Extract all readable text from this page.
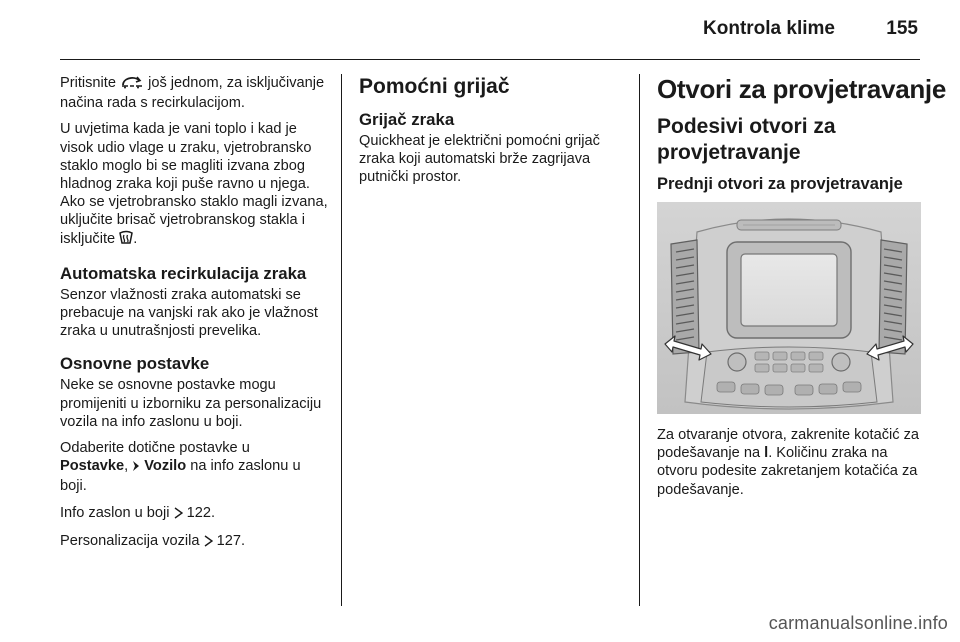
Kontrola klime	155

Pritisnite još jednom, za isključivanje načina rada s recirkulacijom.

U uvjetima kada je vani toplo i kad je visok udio vlage u zraku, vjetrobransko staklo moglo bi se magliti izvana zbog hladnog zraka koji puše ravno u njega. Ako se vjetrobransko staklo magli izvana, uključite brisač vjetrobranskog stakla i isključite .

Automatska recirkulacija zraka

Senzor vlažnosti zraka automatski se prebacuje na vanjski rak ako je vlažnost zraka u unutrašnjosti prevelika.

Osnovne postavke

Neke se osnovne postavke mogu promijeniti u izborniku za personalizaciju vozila na info zaslonu u boji.

Odaberite dotične postavke u
Postavke,  Vozilo na info zaslonu u boji.

Info zaslon u boji 122.

Personalizacija vozila 127.

Pomoćni grijač
Grijač zraka

Quickheat je električni pomoćni grijač zraka koji automatski brže zagrijava putnički prostor.

Otvori za provjetravanje
Podesivi otvori za provjetravanje
Prednji otvori za provjetravanje

Za otvaranje otvora, zakrenite kotačić za podešavanje na l. Količinu zraka na otvoru podesite zakretanjem kotačića za podešavanje.

carmanualsonline.info
